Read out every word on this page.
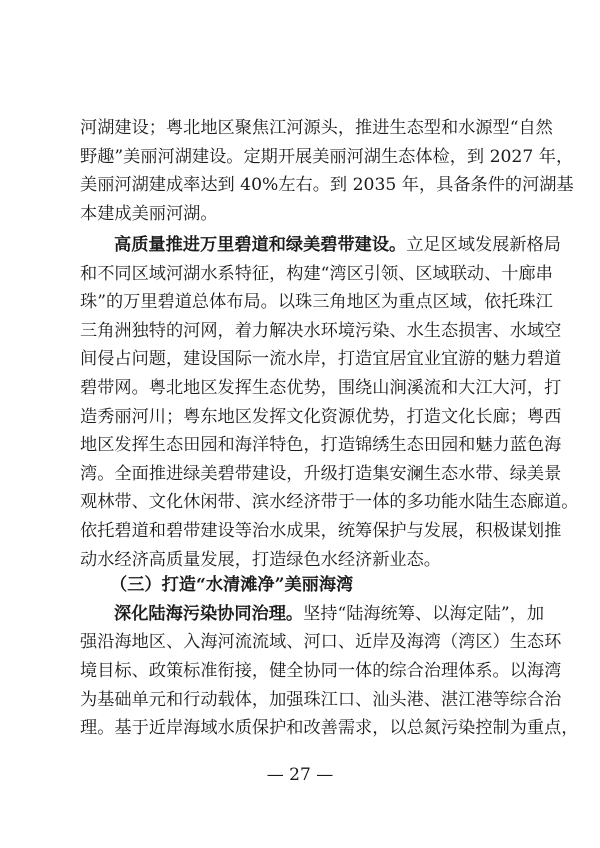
河湖建设；粤北地区聚焦江河源头，推进生态型和水源型“自然
野趣”美丽河湖建设。定期开展美丽河湖生态体检，到 2027 年，
美丽河湖建成率达到 40%左右。到 2035 年，具备条件的河湖基
本建成美丽河湖。
高质量推进万里碧道和绿美碧带建设。立足区域发展新格局
和不同区域河湖水系特征，构建“湾区引领、区域联动、十廊串
珠”的万里碧道总体布局。以珠三角地区为重点区域，依托珠江
三角洲独特的河网，着力解决水环境污染、水生态损害、水域空
间侵占问题，建设国际一流水岸，打造宜居宜业宜游的魅力碧道
碧带网。粤北地区发挥生态优势，围绕山涧溪流和大江大河，打
造秀丽河川；粤东地区发挥文化资源优势，打造文化长廊；粤西
地区发挥生态田园和海洋特色，打造锦绣生态田园和魅力蓝色海
湾。全面推进绿美碧带建设，升级打造集安澜生态水带、绿美景
观林带、文化休闲带、滨水经济带于一体的多功能水陆生态廊道。
依托碧道和碧带建设等治水成果，统筹保护与发展，积极谋划推
动水经济高质量发展，打造绿色水经济新业态。
（三）打造“水清滩净”美丽海湾
深化陆海污染协同治理。坚持“陆海统筹、以海定陆”，加
强沿海地区、入海河流流域、河口、近岸及海湾（湾区）生态环
境目标、政策标准衔接，健全协同一体的综合治理体系。以海湾
为基础单元和行动载体，加强珠江口、汕头港、湛江港等综合治
理。基于近岸海域水质保护和改善需求，以总氮污染控制为重点，
— 27 —
